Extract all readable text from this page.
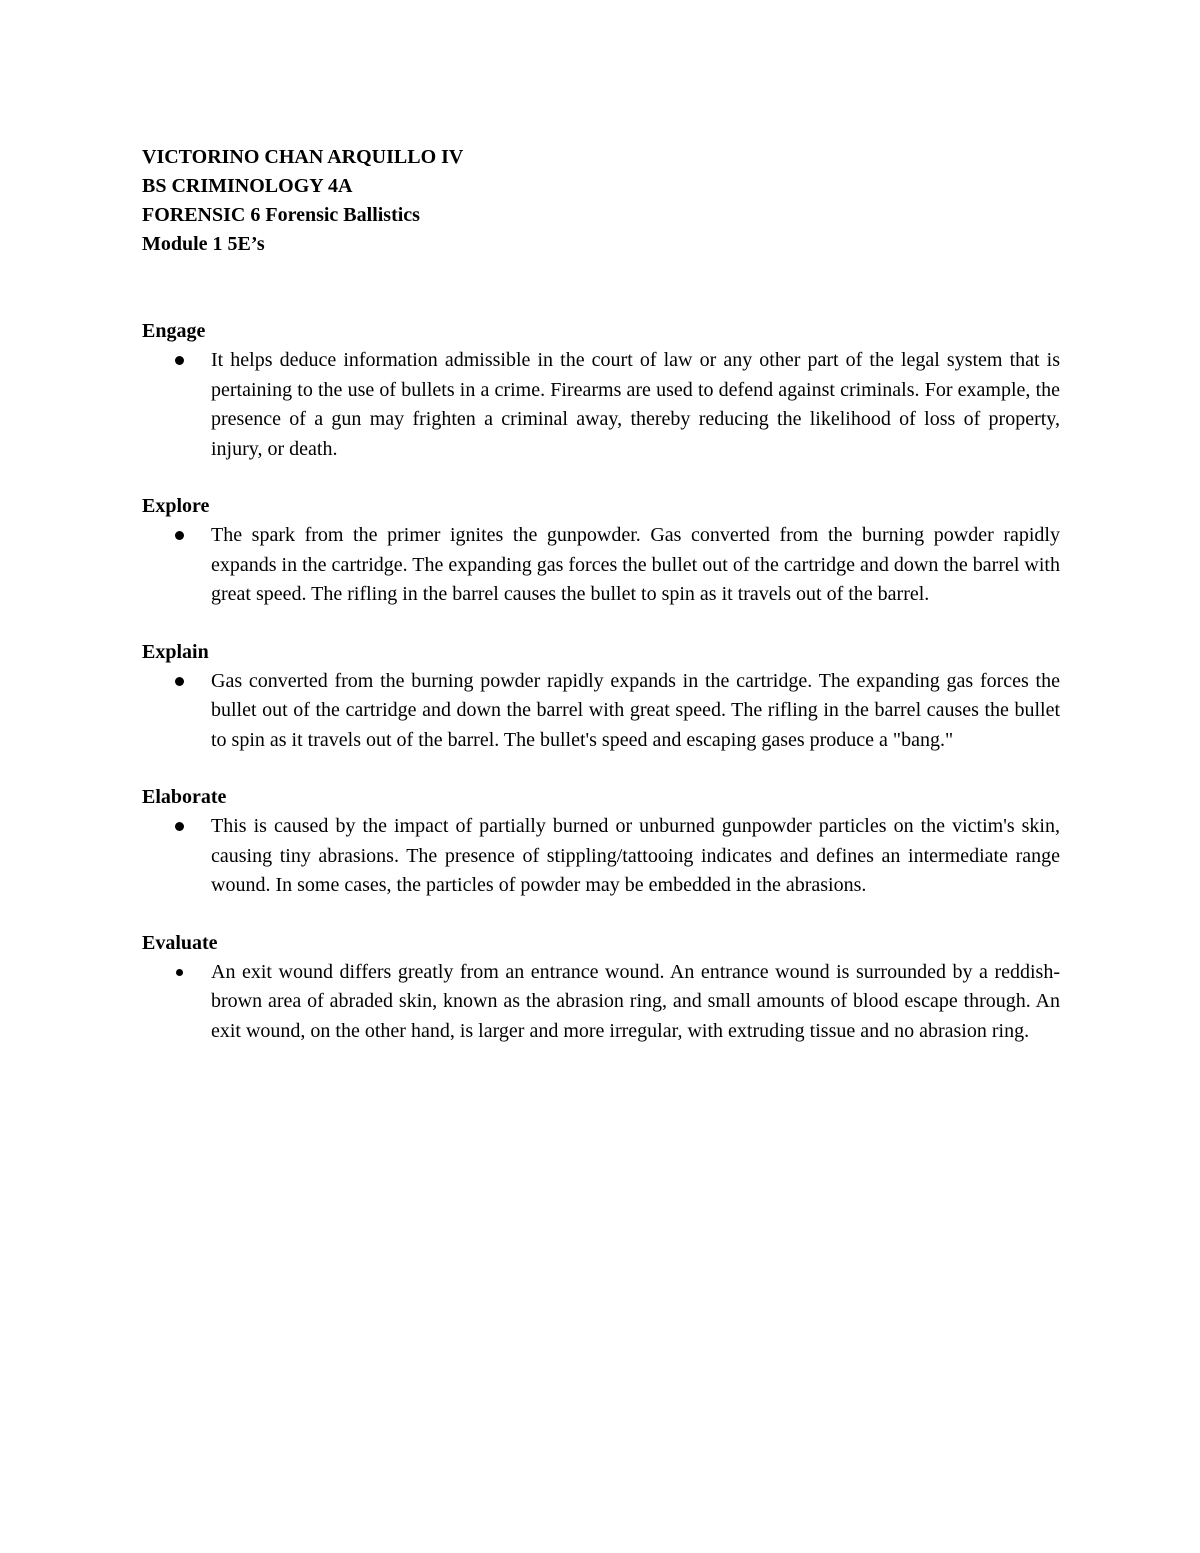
VICTORINO CHAN ARQUILLO IV

BS CRIMINOLOGY 4A

FORENSIC 6 Forensic Ballistics

Module 1 5E’s

Engage

It helps deduce information admissible in the court of law or any other part of the legal system that is pertaining to the use of bullets in a crime. Firearms are used to defend against criminals. For example, the presence of a gun may frighten a criminal away, thereby reducing the likelihood of loss of property, injury, or death.

Explore

The spark from the primer ignites the gunpowder. Gas converted from the burning powder rapidly expands in the cartridge. The expanding gas forces the bullet out of the cartridge and down the barrel with great speed. The rifling in the barrel causes the bullet to spin as it travels out of the barrel.

Explain

Gas converted from the burning powder rapidly expands in the cartridge. The expanding gas forces the bullet out of the cartridge and down the barrel with great speed. The rifling in the barrel causes the bullet to spin as it travels out of the barrel. The bullet's speed and escaping gases produce a "bang."

Elaborate

This is caused by the impact of partially burned or unburned gunpowder particles on the victim's skin, causing tiny abrasions. The presence of stippling/tattooing indicates and defines an intermediate range wound. In some cases, the particles of powder may be embedded in the abrasions.

Evaluate

An exit wound differs greatly from an entrance wound. An entrance wound is surrounded by a reddish-brown area of abraded skin, known as the abrasion ring, and small amounts of blood escape through. An exit wound, on the other hand, is larger and more irregular, with extruding tissue and no abrasion ring.
